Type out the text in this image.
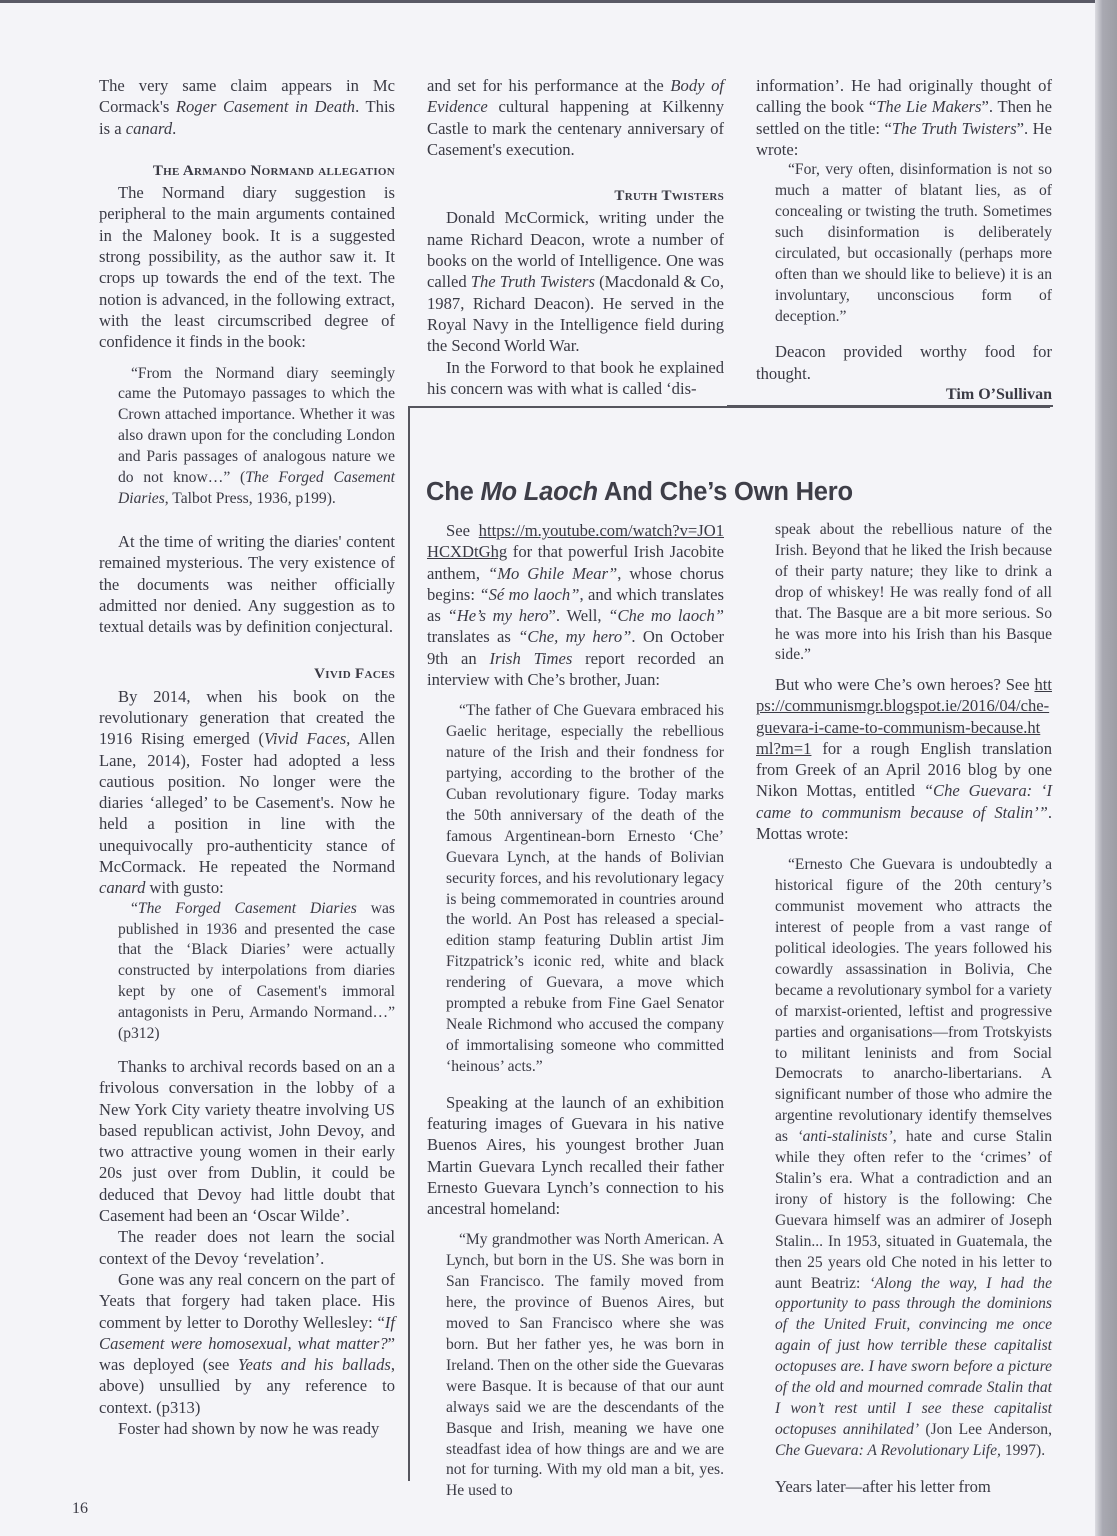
The very same claim appears in Mc Cormack's Roger Casement in Death. This is a canard.

The Armando Normand allegation

The Normand diary suggestion is peripheral to the main arguments contained in the Maloney book. It is a suggested strong possibility, as the author saw it. It crops up towards the end of the text. The notion is advanced, in the following extract, with the least circumscribed degree of confidence it finds in the book:

“From the Normand diary seemingly came the Putomayo passages to which the Crown attached importance. Whether it was also drawn upon for the concluding London and Paris passages of analogous nature we do not know…” (The Forged Casement Diaries, Talbot Press, 1936, p199).

At the time of writing the diaries' content remained mysterious. The very existence of the documents was neither officially admitted nor denied. Any suggestion as to textual details was by definition conjectural.

Vivid Faces

By 2014, when his book on the revolutionary generation that created the 1916 Rising emerged (Vivid Faces, Allen Lane, 2014), Foster had adopted a less cautious position. No longer were the diaries ‘alleged’ to be Casement's. Now he held a position in line with the unequivocally pro-authenticity stance of McCormack. He repeated the Normand canard with gusto:

“The Forged Casement Diaries was published in 1936 and presented the case that the ‘Black Diaries’ were actually constructed by interpolations from diaries kept by one of Casement's immoral antagonists in Peru, Armando Normand…” (p312)

Thanks to archival records based on an a frivolous conversation in the lobby of a New York City variety theatre involving US based republican activist, John Devoy, and two attractive young women in their early 20s just over from Dublin, it could be deduced that Devoy had little doubt that Casement had been an ‘Oscar Wilde’.

The reader does not learn the social context of the Devoy ‘revelation’.

Gone was any real concern on the part of Yeats that forgery had taken place. His comment by letter to Dorothy Wellesley: “If Casement were homosexual, what matter?” was deployed (see Yeats and his ballads, above) unsullied by any reference to context. (p313)

Foster had shown by now he was ready

and set for his performance at the Body of Evidence cultural happening at Kilkenny Castle to mark the centenary anniversary of Casement's execution.

Truth Twisters

Donald McCormick, writing under the name Richard Deacon, wrote a number of books on the world of Intelligence. One was called The Truth Twisters (Macdonald & Co, 1987, Richard Deacon). He served in the Royal Navy in the Intelligence field during the Second World War.

In the Forword to that book he explained his concern was with what is called ‘dis-

information’. He had originally thought of calling the book “The Lie Makers”. Then he settled on the title: “The Truth Twisters”. He wrote:

“For, very often, disinformation is not so much a matter of blatant lies, as of concealing or twisting the truth. Sometimes such disinformation is deliberately circulated, but occasionally (perhaps more often than we should like to believe) it is an involuntary, unconscious form of deception.”

Deacon provided worthy food for thought.

Tim O’Sullivan

Che Mo Laoch And Che’s Own Hero

See https://m.youtube.com/watch?v=JO1HCXDtGhg for that powerful Irish Jacobite anthem, “Mo Ghile Mear”, whose chorus begins: “Sé mo laoch”, and which translates as “He’s my hero”. Well, “Che mo laoch” translates as “Che, my hero”. On October 9th an Irish Times report recorded an interview with Che’s brother, Juan:

“The father of Che Guevara embraced his Gaelic heritage, especially the rebellious nature of the Irish and their fondness for partying, according to the brother of the Cuban revolutionary figure. Today marks the 50th anniversary of the death of the famous Argentinean-born Ernesto ‘Che’ Guevara Lynch, at the hands of Bolivian security forces, and his revolutionary legacy is being commemorated in countries around the world. An Post has released a special-edition stamp featuring Dublin artist Jim Fitzpatrick’s iconic red, white and black rendering of Guevara, a move which prompted a rebuke from Fine Gael Senator Neale Richmond who accused the company of immortalising someone who committed ‘heinous’ acts.”

Speaking at the launch of an exhibition featuring images of Guevara in his native Buenos Aires, his youngest brother Juan Martin Guevara Lynch recalled their father Ernesto Guevara Lynch’s connection to his ancestral homeland:

“My grandmother was North American. A Lynch, but born in the US. She was born in San Francisco. The family moved from here, the province of Buenos Aires, but moved to San Francisco where she was born. But her father yes, he was born in Ireland. Then on the other side the Guevaras were Basque. It is because of that our aunt always said we are the descendants of the Basque and Irish, meaning we have one steadfast idea of how things are and we are not for turning. With my old man a bit, yes. He used to

speak about the rebellious nature of the Irish. Beyond that he liked the Irish because of their party nature; they like to drink a drop of whiskey! He was really fond of all that. The Basque are a bit more serious. So he was more into his Irish than his Basque side.”

But who were Che’s own heroes? See https://communismgr.blogspot.ie/2016/04/che-guevara-i-came-to-communism-because.html?m=1 for a rough English translation from Greek of an April 2016 blog by one Nikon Mottas, entitled “Che Guevara: ‘I came to communism because of Stalin’”. Mottas wrote:

“Ernesto Che Guevara is undoubtedly a historical figure of the 20th century’s communist movement who attracts the interest of people from a vast range of political ideologies. The years followed his cowardly assassination in Bolivia, Che became a revolutionary symbol for a variety of marxist-oriented, leftist and progressive parties and organisations—from Trotskyists to militant leninists and from Social Democrats to anarcho-libertarians. A significant number of those who admire the argentine revolutionary identify themselves as ‘anti-stalinists’, hate and curse Stalin while they often refer to the ‘crimes’ of Stalin’s era. What a contradiction and an irony of history is the following: Che Guevara himself was an admirer of Joseph Stalin... In 1953, situated in Guatemala, the then 25 years old Che noted in his letter to aunt Beatriz: ‘Along the way, I had the opportunity to pass through the dominions of the United Fruit, convincing me once again of just how terrible these capitalist octopuses are. I have sworn before a picture of the old and mourned comrade Stalin that I won’t rest until I see these capitalist octopuses annihilated’ (Jon Lee Anderson, Che Guevara: A Revolutionary Life, 1997).

Years later—after his letter from

16
